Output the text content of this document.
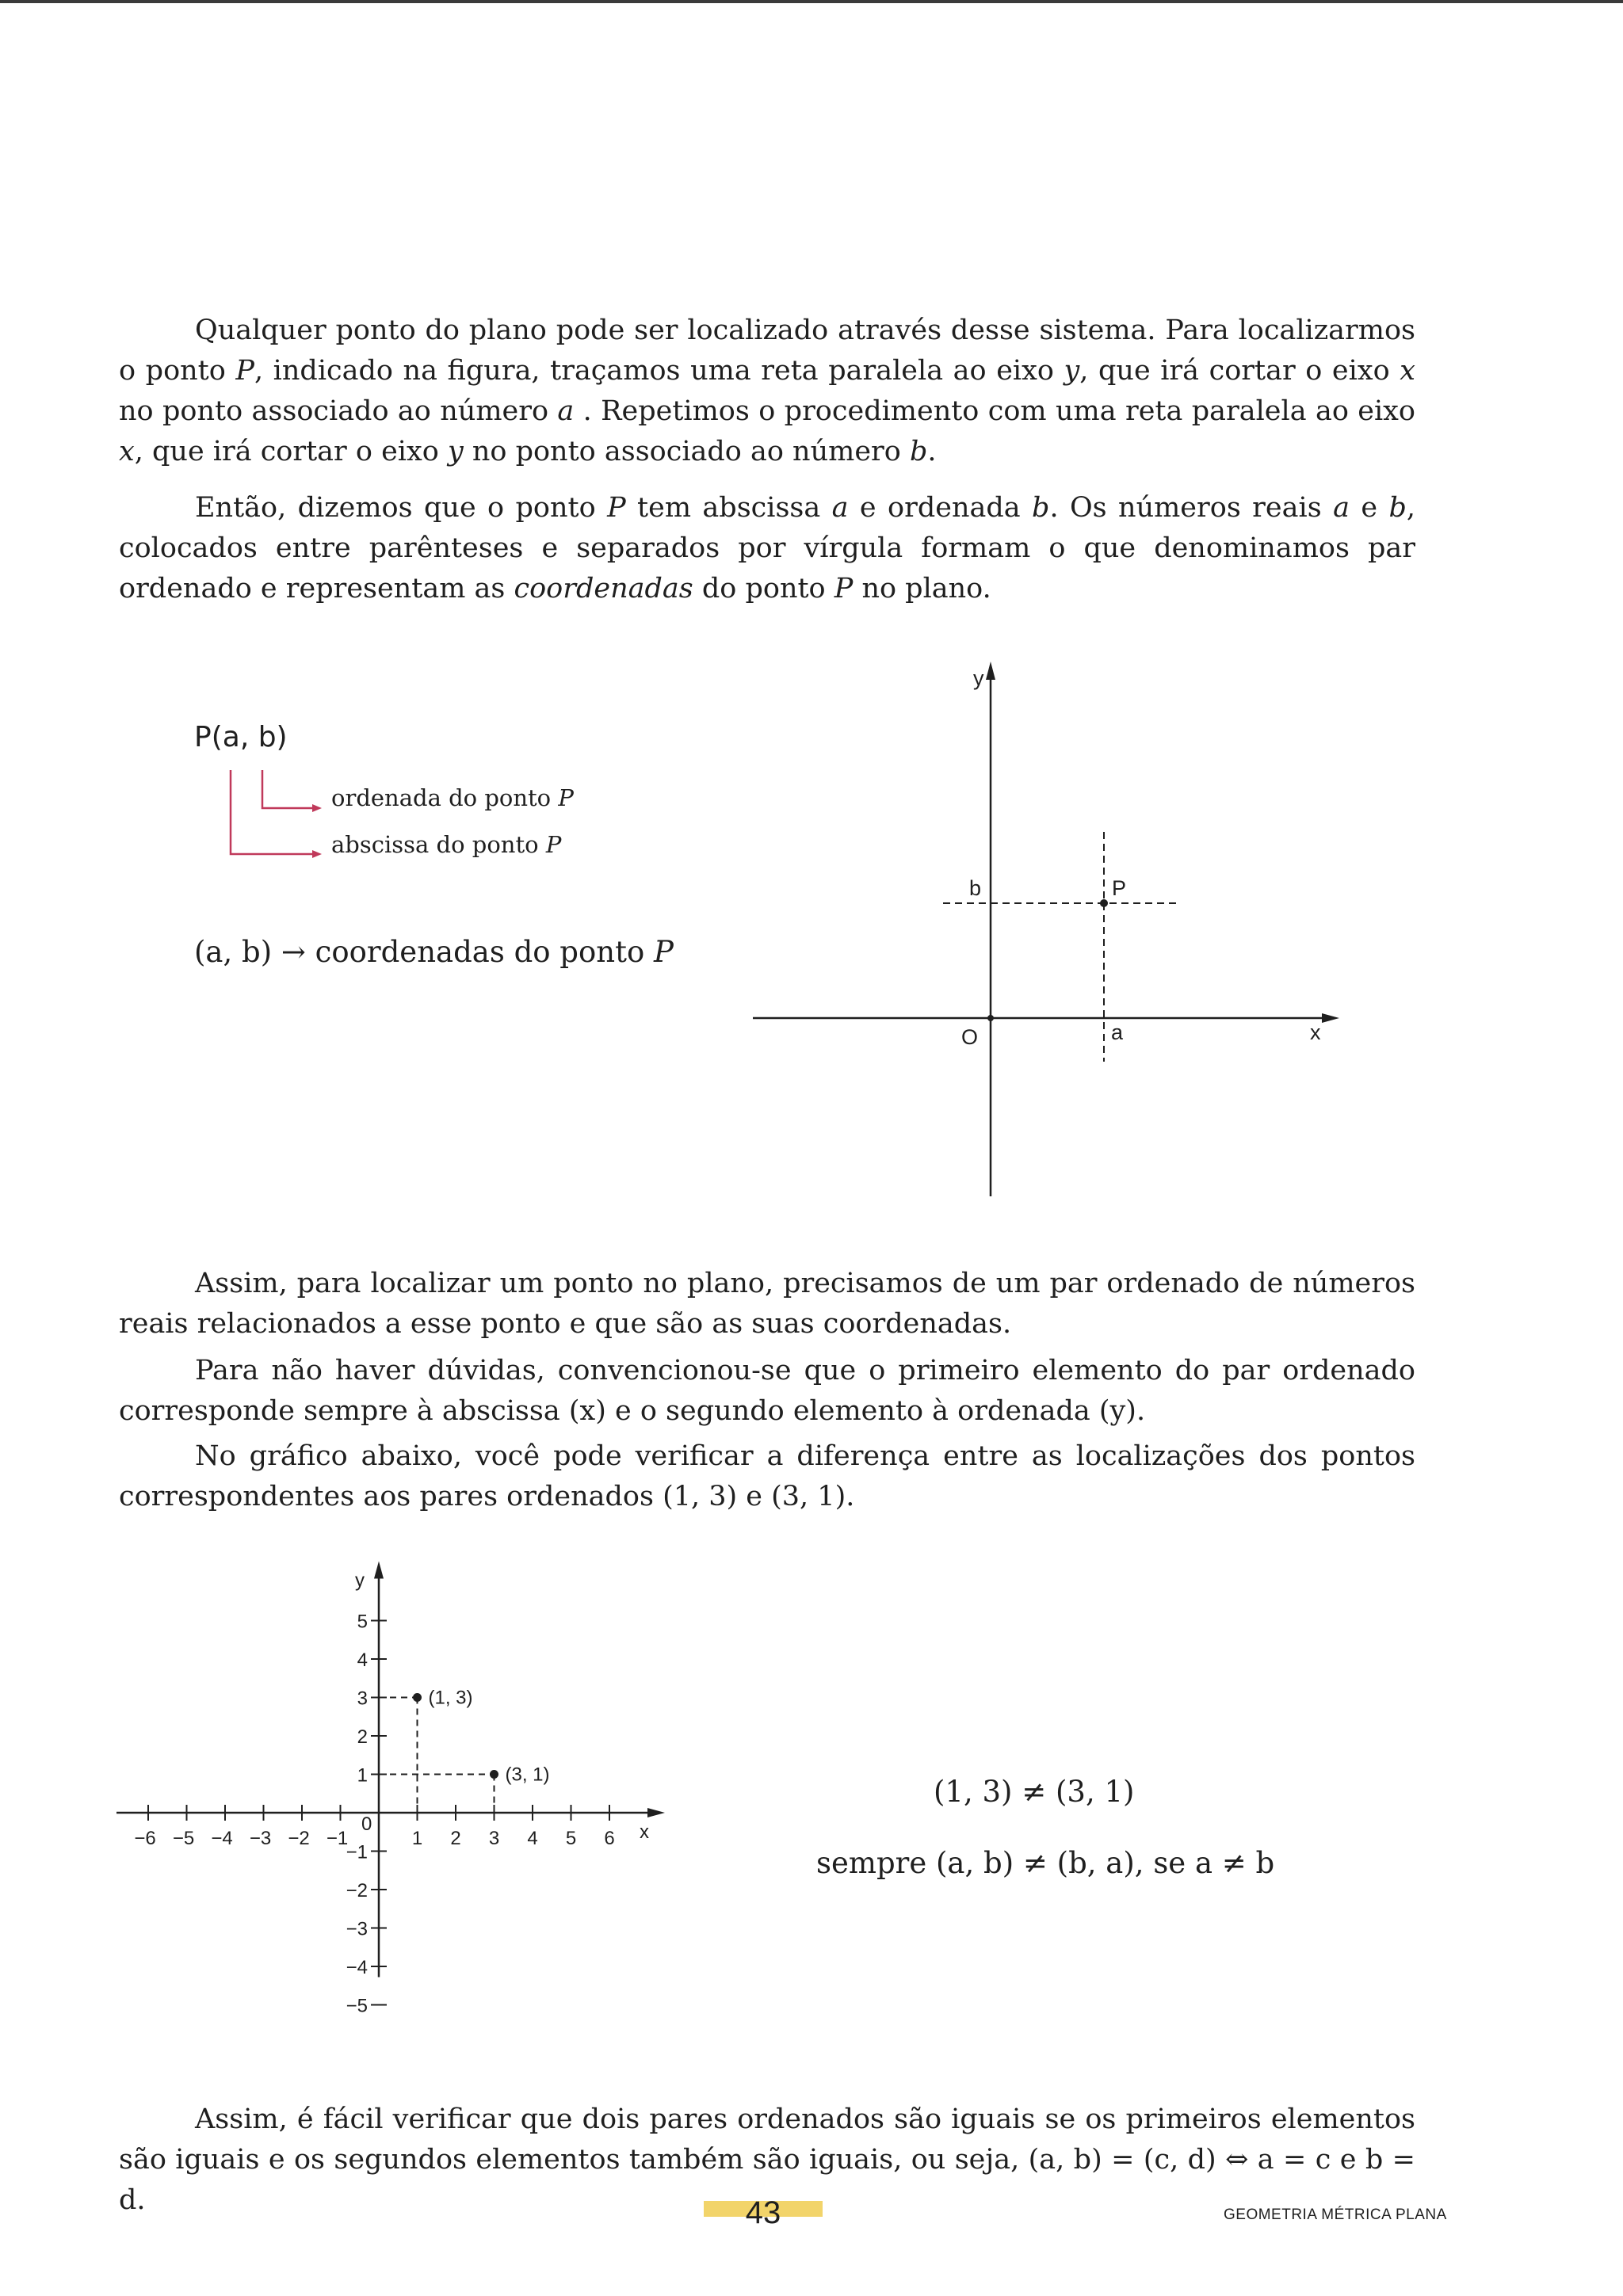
Qualquer ponto do plano pode ser localizado através desse sistema. Para localizarmos o ponto P, indicado na figura, traçamos uma reta paralela ao eixo y, que irá cortar o eixo x no ponto associado ao número a . Repetimos o procedimento com uma reta paralela ao eixo x, que irá cortar o eixo y no ponto associado ao número b.

Então, dizemos que o ponto P tem abscissa a e ordenada b. Os números reais a e b, colocados entre parênteses e separados por vírgula formam o que denominamos par ordenado e representam as coordenadas do ponto P no plano.

P(a, b)

ordenada do ponto P

abscissa do ponto P

(a, b) → coordenadas do ponto P

y
x
O	a
b	P

Assim, para localizar um ponto no plano, precisamos de um par ordenado de números reais relacionados a esse ponto e que são as suas coordenadas.

Para não haver dúvidas, convencionou-se que o primeiro elemento do par ordenado corresponde sempre à abscissa (x) e o segundo elemento à ordenada (y).

No gráfico abaixo, você pode verificar a diferença entre as localizações dos pontos correspondentes aos pares ordenados (1, 3) e (3, 1).

−6 −5 −4 −3 −2 −1	1 2 3 4 5 6
−5
−4
−3
−2
−1
1
2
3
4
5
0	x
y
(1, 3)
(3, 1)	(1, 3) ≠ (3, 1)

sempre (a, b) ≠ (b, a), se a ≠ b

Assim, é fácil verificar que dois pares ordenados são iguais se os primeiros elementos são iguais e os segundos elementos também são iguais, ou seja, (a, b) = (c, d) ⇔ a = c e b = d.	43	GEOMETRIA MÉTRICA PLANA
